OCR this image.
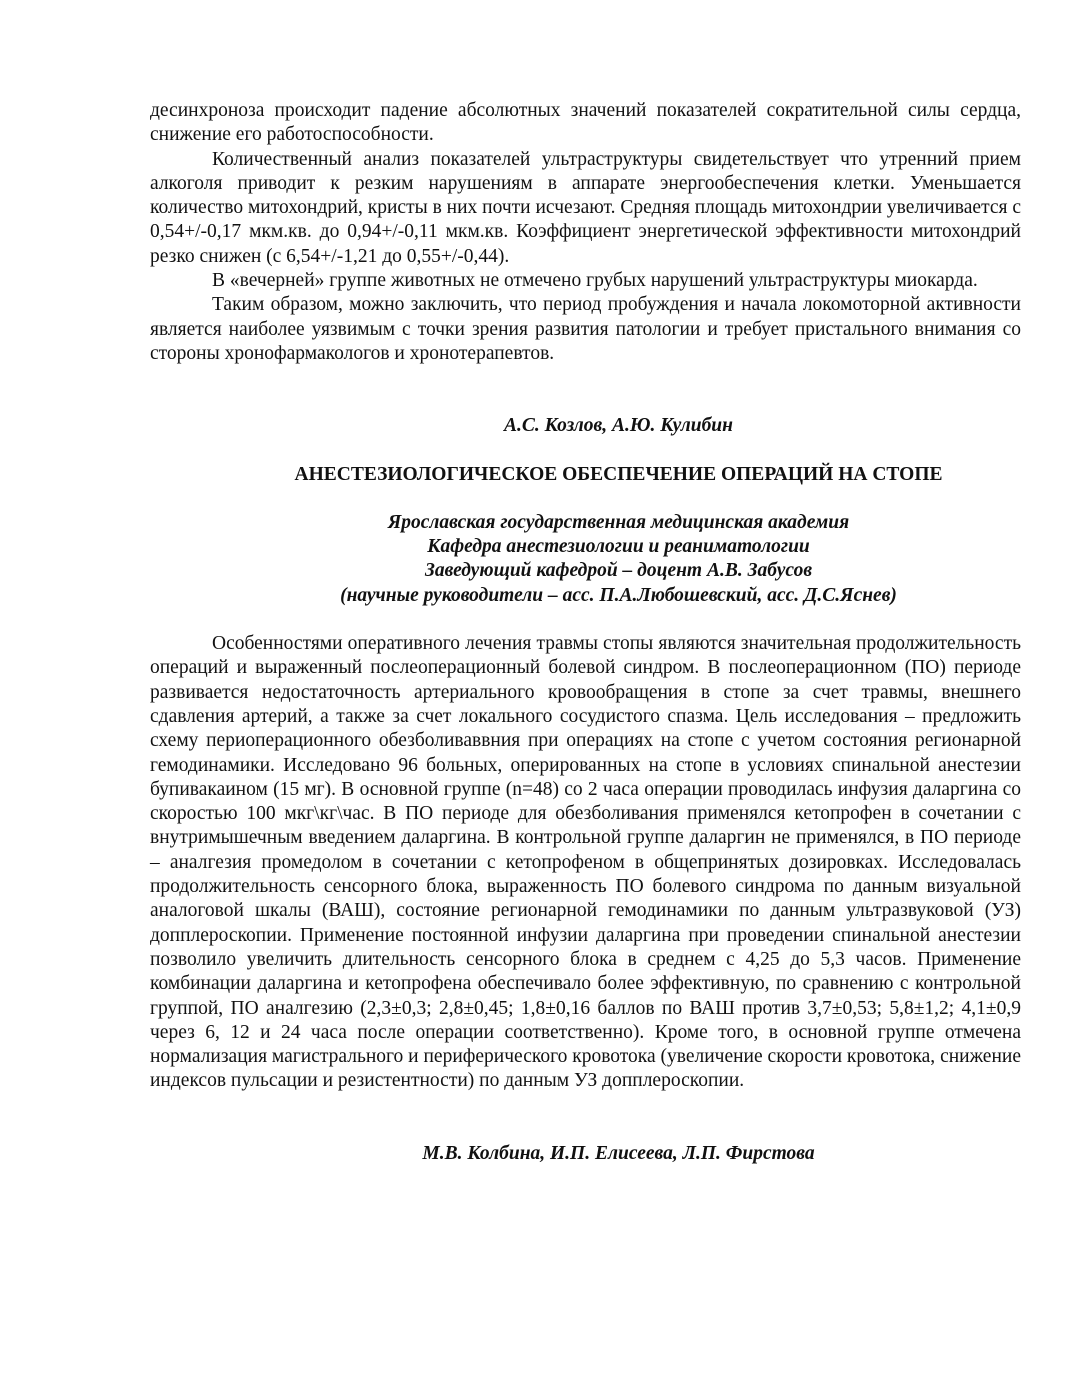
десинхроноза происходит падение абсолютных значений показателей сократительной силы сердца, снижение его работоспособности.

Количественный анализ показателей ультраструктуры свидетельствует что утренний прием алкоголя приводит к резким нарушениям в аппарате энергообеспечения клетки. Уменьшается количество митохондрий, кристы в них почти исчезают. Средняя площадь митохондрии увеличивается с 0,54+/-0,17 мкм.кв. до 0,94+/-0,11 мкм.кв. Коэффициент энергетической эффективности митохондрий резко снижен (с 6,54+/-1,21 до 0,55+/-0,44).

В «вечерней» группе животных не отмечено грубых нарушений ультраструктуры миокарда.

Таким образом, можно заключить, что период пробуждения и начала локомоторной активности является наиболее уязвимым с точки зрения развития патологии и требует пристального внимания со стороны хронофармакологов и хронотерапевтов.

А.С. Козлов, А.Ю. Кулибин
АНЕСТЕЗИОЛОГИЧЕСКОЕ ОБЕСПЕЧЕНИЕ ОПЕРАЦИЙ НА СТОПЕ
Ярославская государственная медицинская академия
Кафедра анестезиологии и реаниматологии
Заведующий кафедрой – доцент А.В. Забусов
(научные руководители – асс. П.А.Любошевский, асс. Д.С.Яснев)

Особенностями оперативного лечения травмы стопы являются значительная продолжительность операций и выраженный послеоперационный болевой синдром. В послеоперационном (ПО) периоде развивается недостаточность артериального кровообращения в стопе за счет травмы, внешнего сдавления артерий, а также за счет локального сосудистого спазма. Цель исследования – предложить схему периоперационного обезболиваввния при операциях на стопе с учетом состояния регионарной гемодинамики. Исследовано 96 больных, оперированных на стопе в условиях спинальной анестезии бупивакаином (15 мг). В основной группе (n=48) со 2 часа операции проводилась инфузия даларгина со скоростью 100 мкг\кг\час. В ПО периоде для обезболивания применялся кетопрофен в сочетании с внутримышечным введением даларгина. В контрольной группе даларгин не применялся, в ПО периоде – аналгезия промедолом в сочетании с кетопрофеном в общепринятых дозировках. Исследовалась продолжительность сенсорного блока, выраженность ПО болевого синдрома по данным визуальной аналоговой шкалы (ВАШ), состояние регионарной гемодинамики по данным ультразвуковой (УЗ) допплероскопии. Применение постоянной инфузии даларгина при проведении спинальной анестезии позволило увеличить длительность сенсорного блока в среднем с 4,25 до 5,3 часов. Применение комбинации даларгина и кетопрофена обеспечивало более эффективную, по сравнению с контрольной группой, ПО аналгезию (2,3±0,3; 2,8±0,45; 1,8±0,16 баллов по ВАШ против 3,7±0,53; 5,8±1,2; 4,1±0,9 через 6, 12 и 24 часа после операции соответственно). Кроме того, в основной группе отмечена нормализация магистрального и периферического кровотока (увеличение скорости кровотока, снижение индексов пульсации и резистентности) по данным УЗ допплероскопии.

М.В. Колбина, И.П. Елисеева, Л.П. Фирстова
